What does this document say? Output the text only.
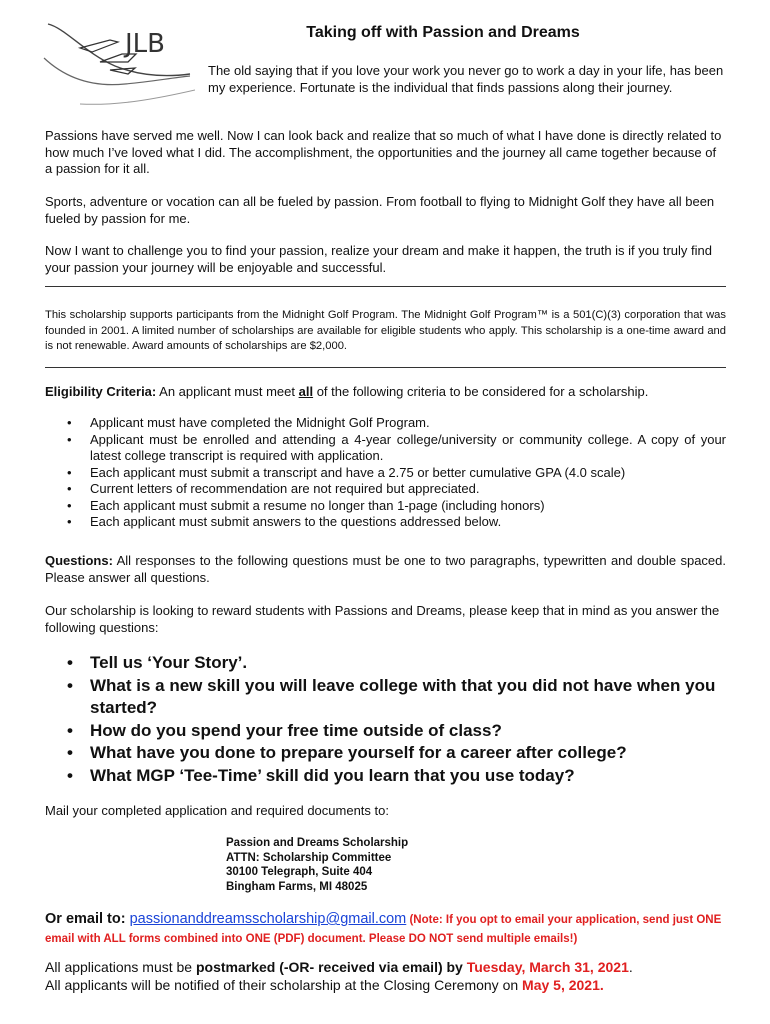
JLB	Taking off with Passion and Dreams
The old saying that if you love your work you never go to work a day in your life, has been my experience. Fortunate is the individual that finds passions along their journey.
Passions have served me well. Now I can look back and realize that so much of what I have done is directly related to how much I’ve loved what I did. The accomplishment, the opportunities and the journey all came together because of a passion for it all.
Sports, adventure or vocation can all be fueled by passion. From football to flying to Midnight Golf they have all been fueled by passion for me.
Now I want to challenge you to find your passion, realize your dream and make it happen, the truth is if you truly find your passion your journey will be enjoyable and successful.
This scholarship supports participants from the Midnight Golf Program. The Midnight Golf Program™ is a 501(C)(3) corporation that was founded in 2001. A limited number of scholarships are available for eligible students who apply. This scholarship is a one-time award and is not renewable. Award amounts of scholarships are $2,000.
Eligibility Criteria: An applicant must meet all of the following criteria to be considered for a scholarship.
• Applicant must have completed the Midnight Golf Program.
• Applicant must be enrolled and attending a 4-year college/university or community college. A copy of your latest college transcript is required with application.
• Each applicant must submit a transcript and have a 2.75 or better cumulative GPA (4.0 scale)
• Current letters of recommendation are not required but appreciated.
• Each applicant must submit a resume no longer than 1-page (including honors)
• Each applicant must submit answers to the questions addressed below.
Questions: All responses to the following questions must be one to two paragraphs, typewritten and double spaced. Please answer all questions.
Our scholarship is looking to reward students with Passions and Dreams, please keep that in mind as you answer the following questions:
• Tell us ‘Your Story’.
• What is a new skill you will leave college with that you did not have when you started?
• How do you spend your free time outside of class?
• What have you done to prepare yourself for a career after college?
• What MGP ‘Tee-Time’ skill did you learn that you use today?
Mail your completed application and required documents to:
Passion and Dreams Scholarship
ATTN: Scholarship Committee
30100 Telegraph, Suite 404
Bingham Farms, MI 48025
Or email to: passionanddreamsscholarship@gmail.com (Note: If you opt to email your application, send just ONE email with ALL forms combined into ONE (PDF) document. Please DO NOT send multiple emails!)
All applications must be postmarked (-OR- received via email) by Tuesday, March 31, 2021.
All applicants will be notified of their scholarship at the Closing Ceremony on May 5, 2021.
